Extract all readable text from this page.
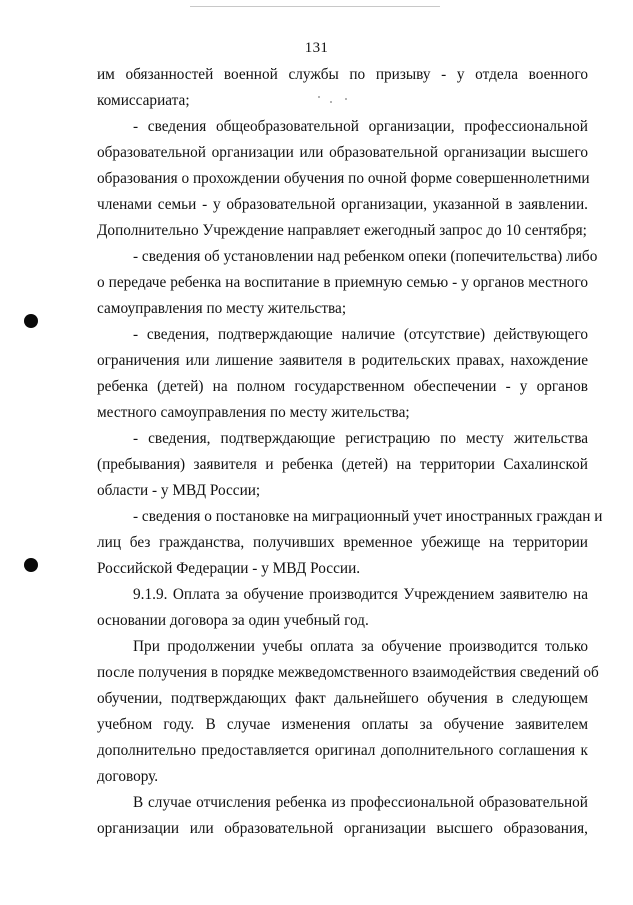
131
им обязанностей военной службы по призыву - у отдела военного
комиссариата;
- сведения общеобразовательной организации, профессиональной
образовательной организации или образовательной организации высшего
образования о прохождении обучения по очной форме совершеннолетними
членами семьи - у образовательной организации, указанной в заявлении.
Дополнительно Учреждение направляет ежегодный запрос до 10 сентября;
- сведения об установлении над ребенком опеки (попечительства) либо
о передаче ребенка на воспитание в приемную семью - у органов местного
самоуправления по месту жительства;
- сведения, подтверждающие наличие (отсутствие) действующего
ограничения или лишение заявителя в родительских правах, нахождение
ребенка (детей) на полном государственном обеспечении - у органов
местного самоуправления по месту жительства;
- сведения, подтверждающие регистрацию по месту жительства
(пребывания) заявителя и ребенка (детей) на территории Сахалинской
области - у МВД России;
- сведения о постановке на миграционный учет иностранных граждан и
лиц без гражданства, получивших временное убежище на территории
Российской Федерации - у МВД России.
9.1.9. Оплата за обучение производится Учреждением заявителю на
основании договора за один учебный год.
При продолжении учебы оплата за обучение производится только
после получения в порядке межведомственного взаимодействия сведений об
обучении, подтверждающих факт дальнейшего обучения в следующем
учебном году. В случае изменения оплаты за обучение заявителем
дополнительно предоставляется оригинал дополнительного соглашения к
договору.
В случае отчисления ребенка из профессиональной образовательной
организации или образовательной организации высшего образования,
